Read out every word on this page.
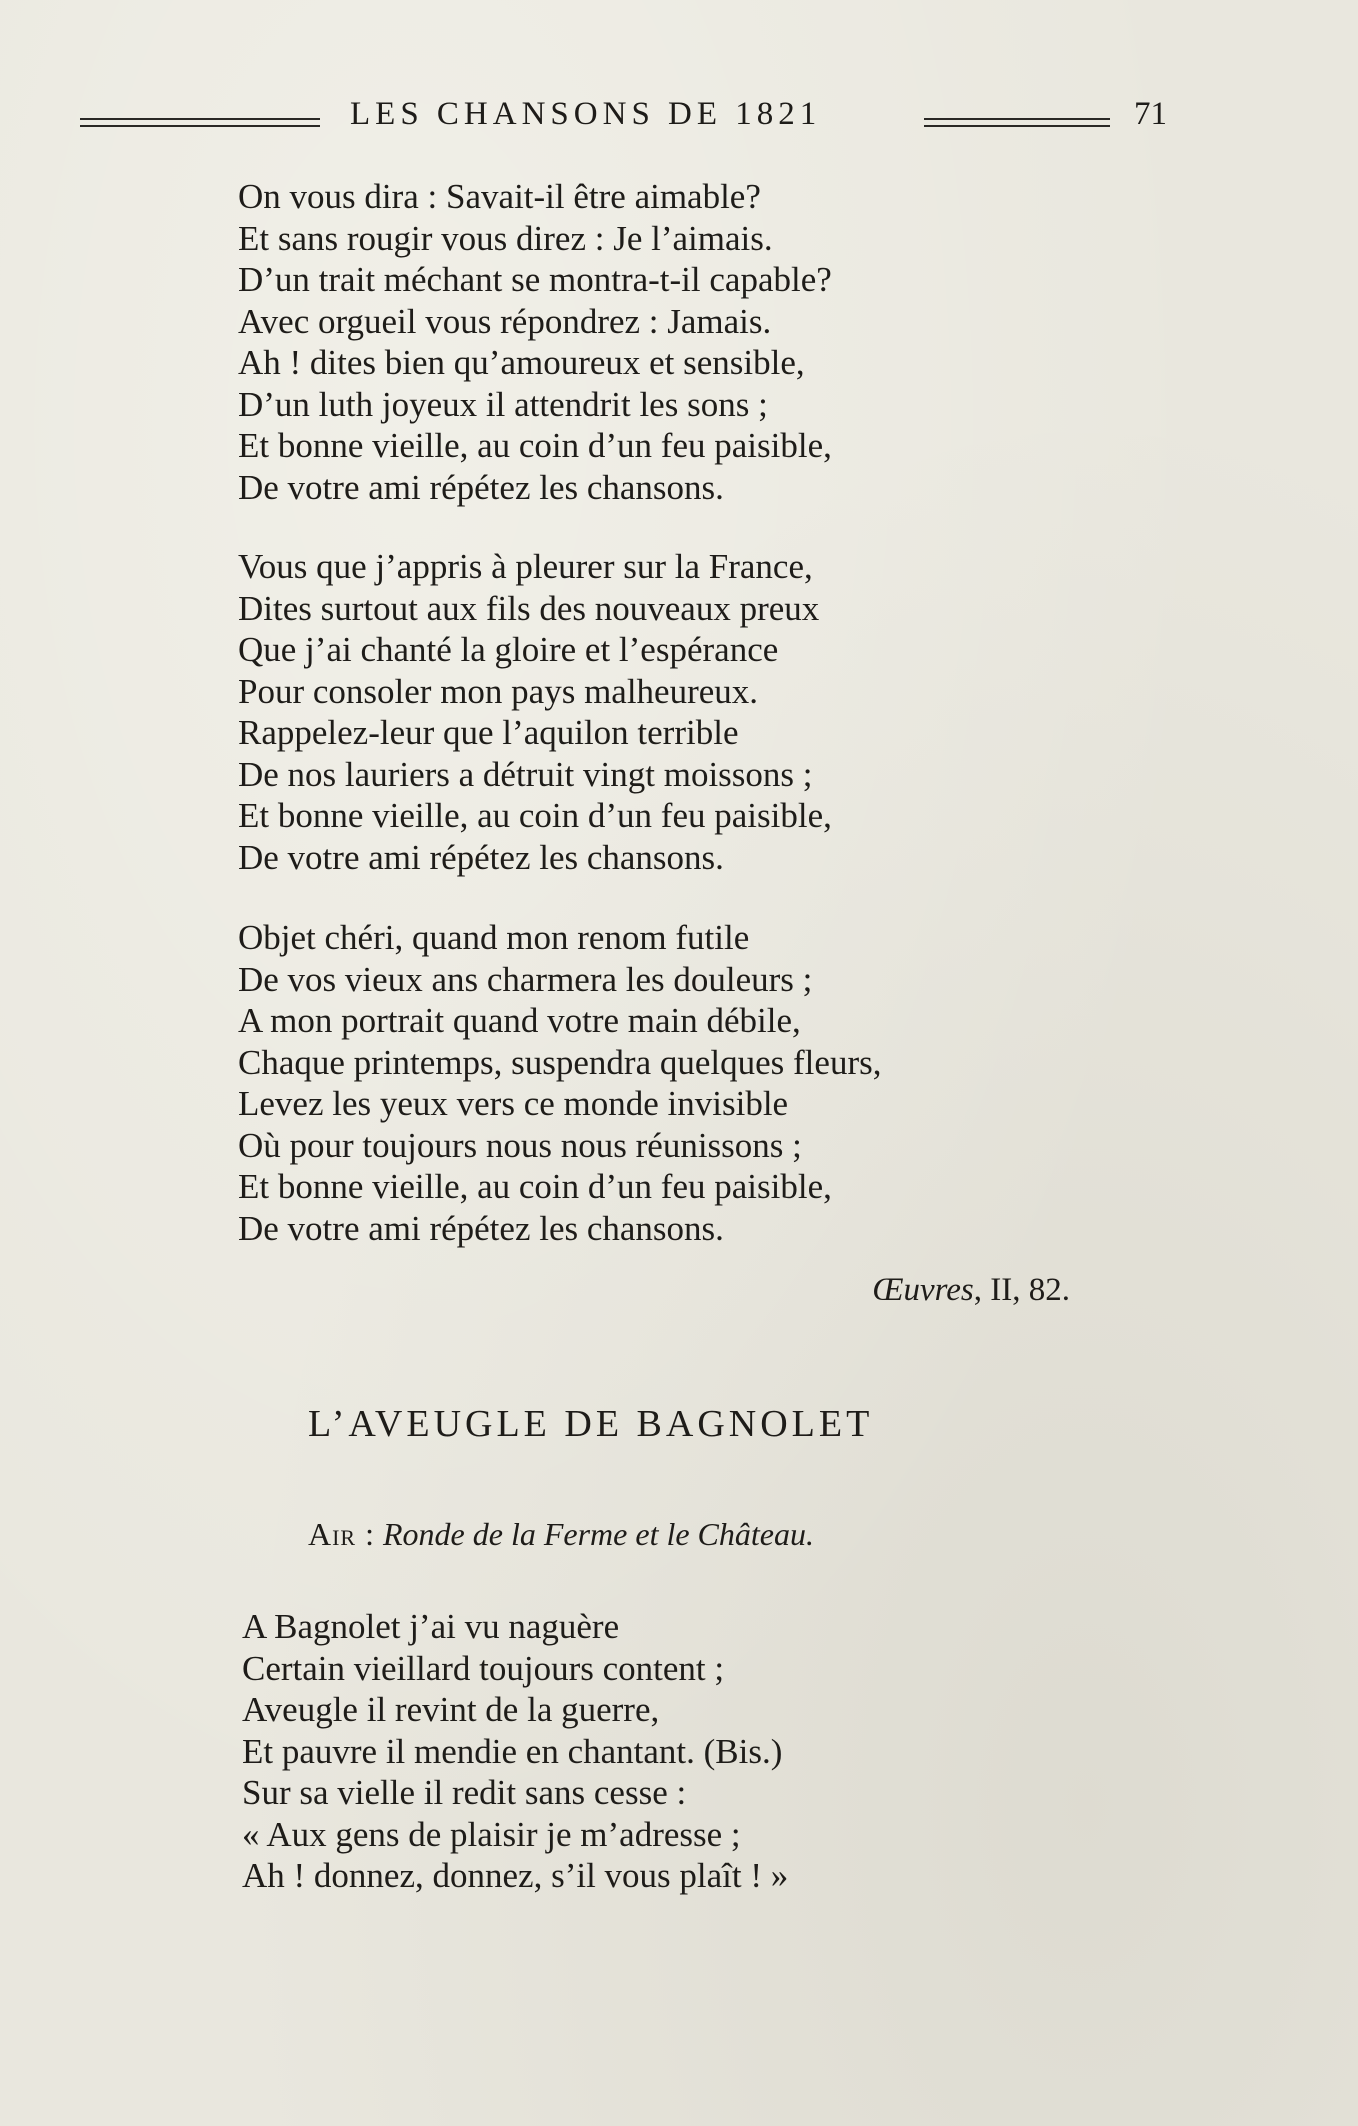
LES CHANSONS DE 1821	71
On vous dira : Savait-il être aimable?
Et sans rougir vous direz : Je l’aimais.
D’un trait méchant se montra-t-il capable?
Avec orgueil vous répondrez : Jamais.
Ah ! dites bien qu’amoureux et sensible,
D’un luth joyeux il attendrit les sons ;
Et bonne vieille, au coin d’un feu paisible,
De votre ami répétez les chansons.
Vous que j’appris à pleurer sur la France,
Dites surtout aux fils des nouveaux preux
Que j’ai chanté la gloire et l’espérance
Pour consoler mon pays malheureux.
Rappelez-leur que l’aquilon terrible
De nos lauriers a détruit vingt moissons ;
Et bonne vieille, au coin d’un feu paisible,
De votre ami répétez les chansons.
Objet chéri, quand mon renom futile
De vos vieux ans charmera les douleurs ;
A mon portrait quand votre main débile,
Chaque printemps, suspendra quelques fleurs,
Levez les yeux vers ce monde invisible
Où pour toujours nous nous réunissons ;
Et bonne vieille, au coin d’un feu paisible,
De votre ami répétez les chansons.
Œuvres, II, 82.
L’AVEUGLE DE BAGNOLET
Air : Ronde de la Ferme et le Château.
A Bagnolet j’ai vu naguère
Certain vieillard toujours content ;
Aveugle il revint de la guerre,
Et pauvre il mendie en chantant. (Bis.)
Sur sa vielle il redit sans cesse :
« Aux gens de plaisir je m’adresse ;
Ah ! donnez, donnez, s’il vous plaît ! »
